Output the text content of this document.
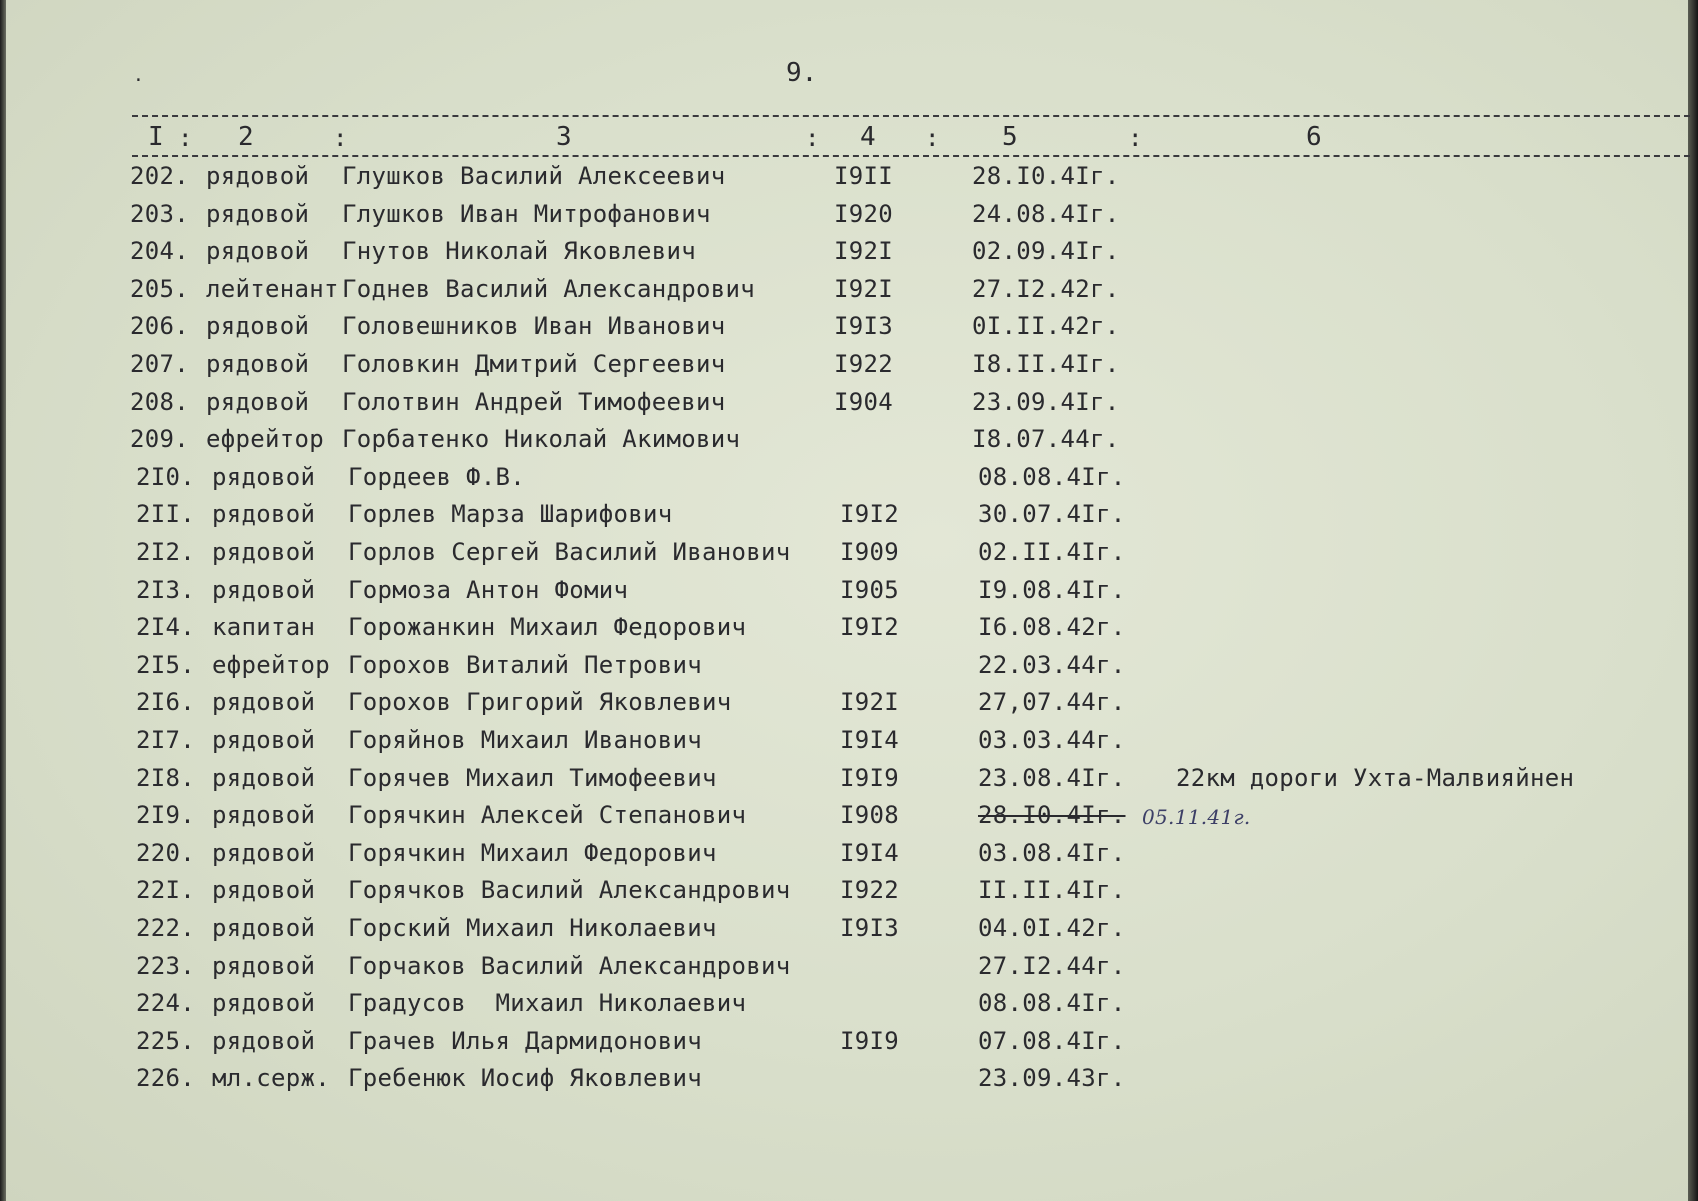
·	9.
I : 2	:	3	: 4 : 5	:	6
202. рядовой Глушков Василий Алексеевич	I9II	28.I0.4Iг.
203. рядовой Глушков Иван Митрофанович	I920	24.08.4Iг.
204. рядовой Гнутов Николай Яковлевич	I92I	02.09.4Iг.
205. лейтенант Годнев Василий Александрович	I92I	27.I2.42г.
206. рядовой Головешников Иван Иванович	I9I3	0I.II.42г.
207. рядовой Головкин Дмитрий Сергеевич	I922	I8.II.4Iг.
208. рядовой Голотвин Андрей Тимофеевич	I904	23.09.4Iг.
209. ефрейтор Горбатенко Николай Акимович	I8.07.44г.
2I0. рядовой Гордеев Ф.В.	08.08.4Iг.
2II. рядовой Горлев Марза Шарифович	I9I2	30.07.4Iг.
2I2. рядовой Горлов Сергей Василий Иванович I909	02.II.4Iг.
2I3. рядовой Гормоза Антон Фомич	I905	I9.08.4Iг.
2I4. капитан Горожанкин Михаил Федорович	I9I2	I6.08.42г.
2I5. ефрейтор Горохов Виталий Петрович	22.03.44г.
2I6. рядовой Горохов Григорий Яковлевич	I92I	27,07.44г.
2I7. рядовой Горяйнов Михаил Иванович	I9I4	03.03.44г.
2I8. рядовой Горячев Михаил Тимофеевич	I9I9	23.08.4Iг. 22км дороги Ухта-Малвияйнен
2I9. рядовой Горячкин Алексей Степанович	I908	28.I0.4Iг. 05.11.41г.
220. рядовой Горячкин Михаил Федорович	I9I4	03.08.4Iг.
22I. рядовой Горячков Василий Александрович I922	II.II.4Iг.
222. рядовой Горский Михаил Николаевич	I9I3	04.0I.42г.
223. рядовой Горчаков Василий Александрович	27.I2.44г.
224. рядовой Градусов  Михаил Николаевич	08.08.4Iг.
225. рядовой Грачев Илья Дармидонович	I9I9	07.08.4Iг.
226. мл.серж. Гребенюк Иосиф Яковлевич	23.09.43г.
